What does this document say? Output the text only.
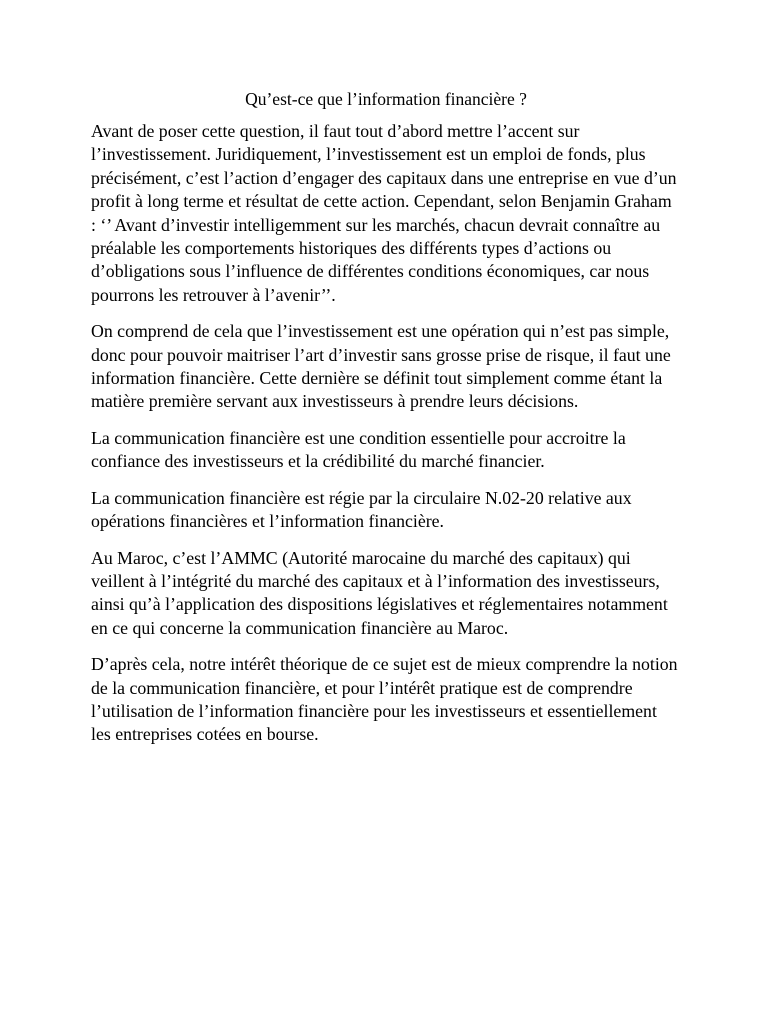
Qu’est-ce que l’information financière ?

Avant de poser cette question, il faut tout d’abord mettre l’accent sur l’investissement. Juridiquement, l’investissement est un emploi de fonds, plus précisément, c’est l’action d’engager des capitaux dans une entreprise en vue d’un profit à long terme et résultat de cette action. Cependant, selon Benjamin Graham : ‘’ Avant d’investir intelligemment sur les marchés, chacun devrait connaître au préalable les comportements historiques des différents types d’actions ou d’obligations sous l’influence de différentes conditions économiques, car nous pourrons les retrouver à l’avenir’’.

On comprend de cela que l’investissement est une opération qui n’est pas simple, donc pour pouvoir maitriser l’art d’investir sans grosse prise de risque, il faut une information financière. Cette dernière se définit tout simplement comme étant la matière première servant aux investisseurs à prendre leurs décisions.

La communication financière est une condition essentielle pour accroitre la confiance des investisseurs et la crédibilité du marché financier.

La communication financière est régie par la circulaire N.02-20 relative aux opérations financières et l’information financière.

Au Maroc, c’est l’AMMC (Autorité marocaine du marché des capitaux) qui veillent à l’intégrité du marché des capitaux et à l’information des investisseurs, ainsi qu’à l’application des dispositions législatives et réglementaires notamment en ce qui concerne la communication financière au Maroc.

D’après cela, notre intérêt théorique de ce sujet est de mieux comprendre la notion de la communication financière, et pour l’intérêt pratique est de comprendre l’utilisation de l’information financière pour les investisseurs et essentiellement les entreprises cotées en bourse.
